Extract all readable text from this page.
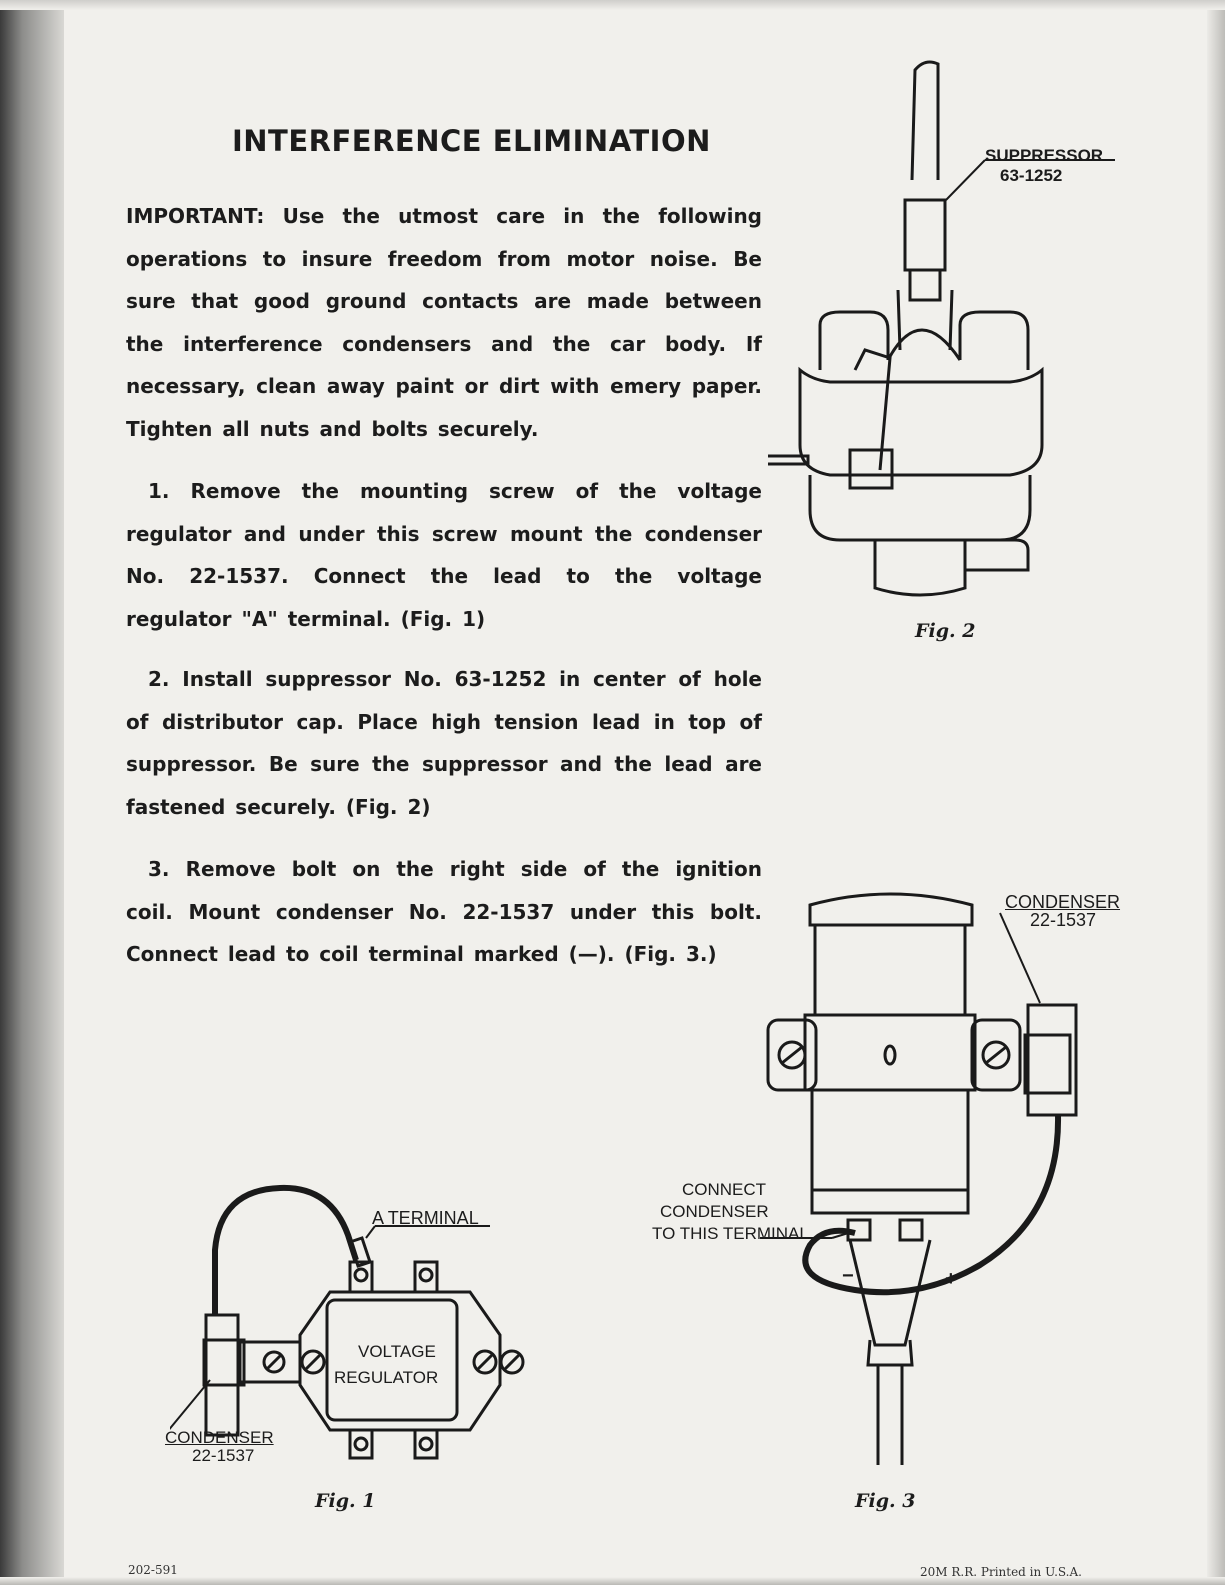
INTERFERENCE ELIMINATION
IMPORTANT: Use the utmost care in the following operations to insure freedom from motor noise. Be sure that good ground contacts are made between the interference condensers and the car body. If necessary, clean away paint or dirt with emery paper. Tighten all nuts and bolts securely.
1. Remove the mounting screw of the voltage regulator and under this screw mount the condenser No. 22-1537. Connect the lead to the voltage regulator "A" terminal. (Fig. 1)
2. Install suppressor No. 63-1252 in center of hole of distributor cap. Place high tension lead in top of suppressor. Be sure the suppressor and the lead are fastened securely. (Fig. 2)
3. Remove bolt on the right side of the ignition coil. Mount condenser No. 22-1537 under this bolt. Connect lead to coil terminal marked (—). (Fig. 3.)
SUPPRESSOR
63-1252
Fig. 2
CONDENSER
22-1537
CONNECT
CONDENSER
TO THIS TERMINAL
−	+
Fig. 3
A TERMINAL
VOLTAGE
REGULATOR
CONDENSER
22-1537
Fig. 1
202-591	20M R.R. Printed in U.S.A.
